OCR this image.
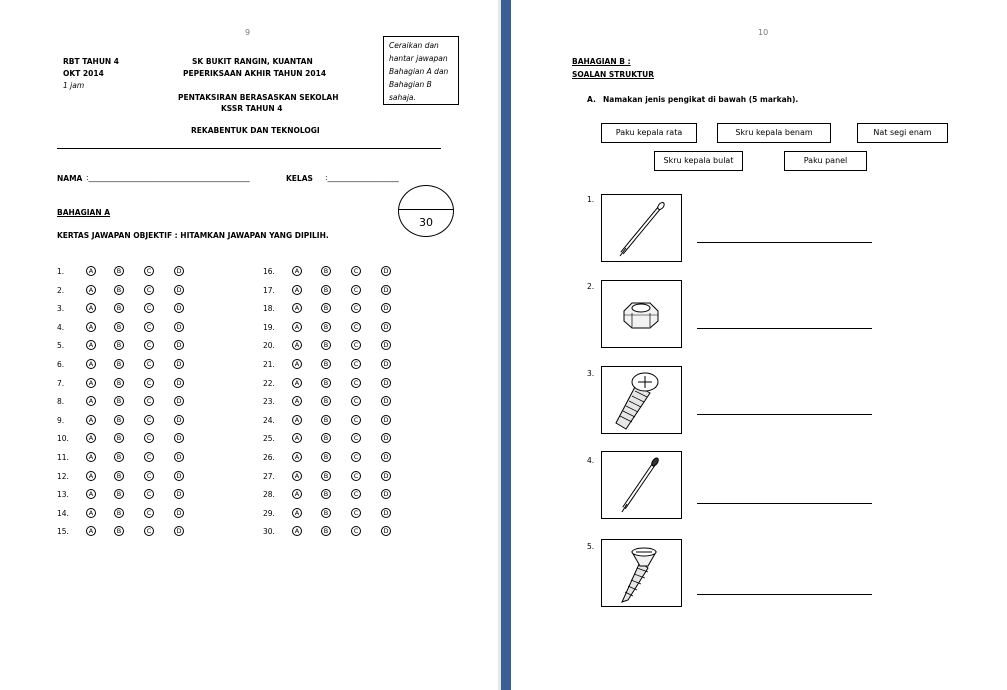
9
RBT TAHUN 4
OKT 2014
1 jam
SK BUKIT RANGIN, KUANTAN
PEPERIKSAAN AKHIR TAHUN 2014
PENTAKSIRAN BERASASKAN SEKOLAH
KSSR TAHUN 4
REKABENTUK DAN TEKNOLOGI
Ceraikan dan hantar jawapan Bahagian A dan Bahagian B sahaja.
NAMA :___________________________________________	KELAS :___________________
30
BAHAGIAN A
KERTAS JAWAPAN OBJEKTIF : HITAMKAN JAWAPAN YANG DIPILIH.
1.	A	B	C	D
2.	A	B	C	D
3.	A	B	C	D
4.	A	B	C	D
5.	A	B	C	D
6.	A	B	C	D
7.	A	B	C	D
8.	A	B	C	D
9.	A	B	C	D
10.	A	B	C	D
11.	A	B	C	D
12.	A	B	C	D
13.	A	B	C	D
14.	A	B	C	D
15.	A	B	C	D
16.	A	B	C	D
17.	A	B	C	D
18.	A	B	C	D
19.	A	B	C	D
20.	A	B	C	D
21.	A	B	C	D
22.	A	B	C	D
23.	A	B	C	D
24.	A	B	C	D
25.	A	B	C	D
26.	A	B	C	D
27.	A	B	C	D
28.	A	B	C	D
29.	A	B	C	D
30.	A	B	C	D
10
BAHAGIAN B :
SOALAN STRUKTUR
A. Namakan jenis pengikat di bawah (5 markah).
Paku kepala rata	Skru kepala benam	Nat segi enam
Skru kepala bulat	Paku panel
1.
2.
3.
4.
5.
